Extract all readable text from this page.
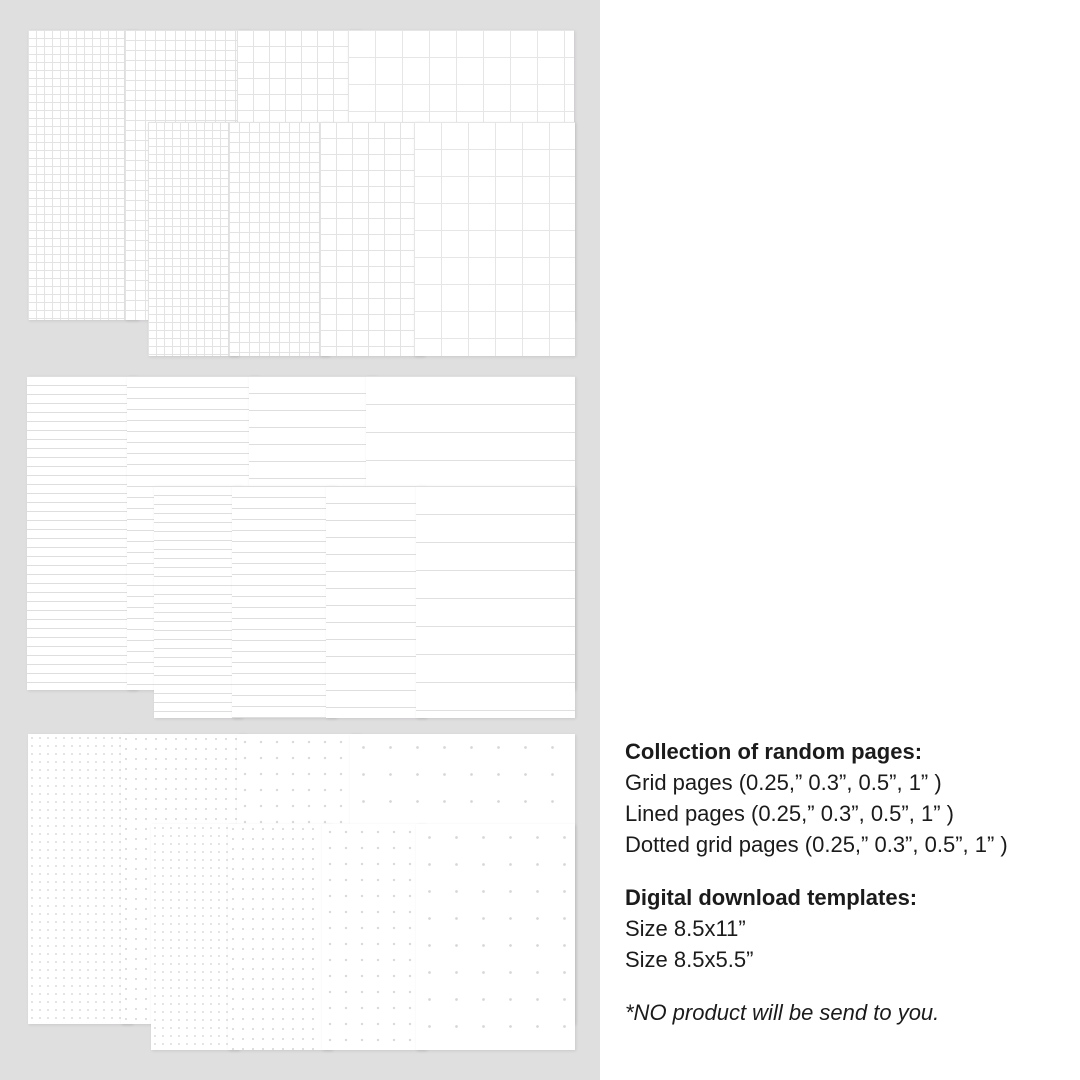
Collection of random pages:
Grid pages (0.25,” 0.3”, 0.5”, 1” )
Lined pages (0.25,” 0.3”, 0.5”, 1” )
Dotted grid pages (0.25,” 0.3”, 0.5”, 1” )
Digital download templates:
Size 8.5x11”
Size 8.5x5.5”
*NO product will be send to you.
